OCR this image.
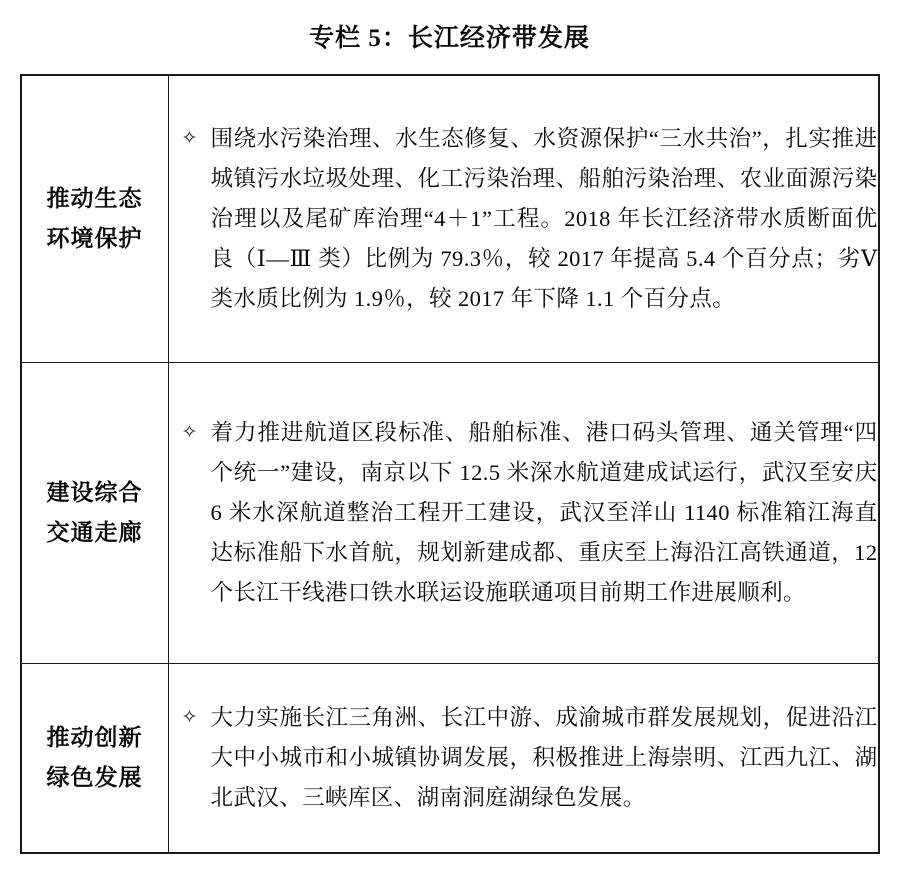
专栏 5：长江经济带发展
推动生态
环境保护

✧ 围绕水污染治理、水生态修复、水资源保护“三水共治”，扎实推进城镇污水垃圾处理、化工污染治理、船舶污染治理、农业面源污染治理以及尾矿库治理“4＋1”工程。2018 年长江经济带水质断面优良（Ⅰ—Ⅲ 类）比例为 79.3％，较 2017 年提高 5.4 个百分点；劣Ⅴ类水质比例为 1.9％，较 2017 年下降 1.1 个百分点。

建设综合
交通走廊

✧ 着力推进航道区段标准、船舶标准、港口码头管理、通关管理“四个统一”建设，南京以下 12.5 米深水航道建成试运行，武汉至安庆 6 米水深航道整治工程开工建设，武汉至洋山 1140 标准箱江海直达标准船下水首航，规划新建成都、重庆至上海沿江高铁通道，12 个长江干线港口铁水联运设施联通项目前期工作进展顺利。

推动创新
绿色发展

✧ 大力实施长江三角洲、长江中游、成渝城市群发展规划，促进沿江大中小城市和小城镇协调发展，积极推进上海崇明、江西九江、湖北武汉、三峡库区、湖南洞庭湖绿色发展。
